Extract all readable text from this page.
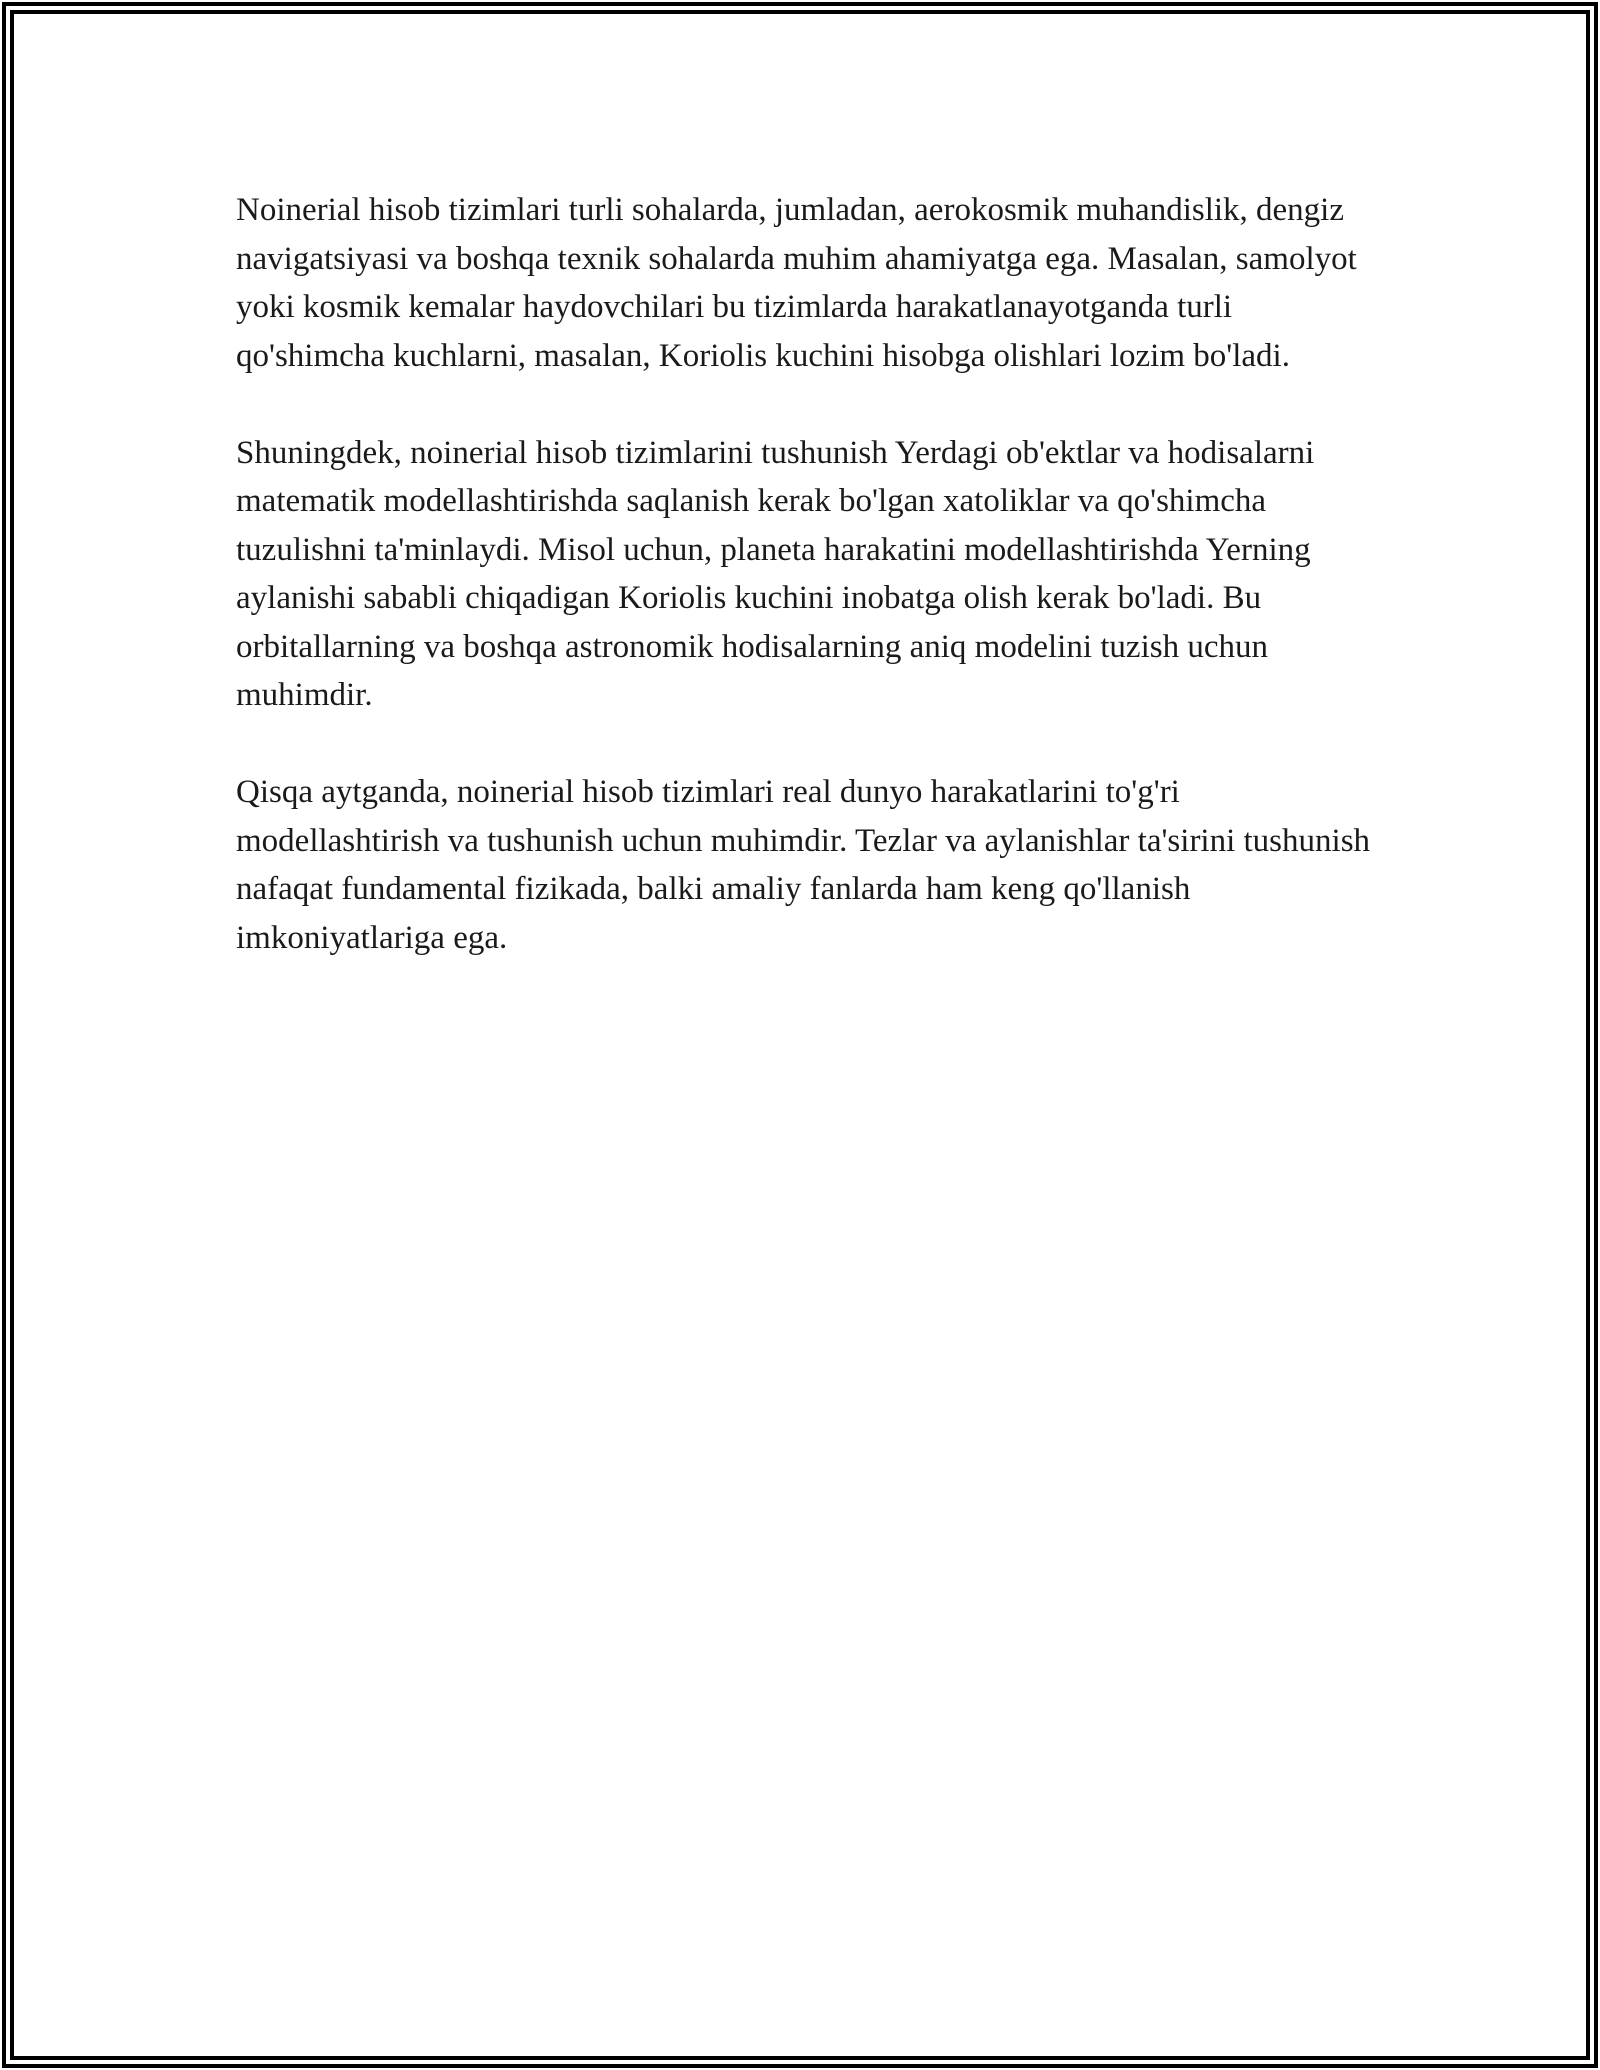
Noinerial hisob tizimlari turli sohalarda, jumladan, aerokosmik muhandislik, dengiz navigatsiyasi va boshqa texnik sohalarda muhim ahamiyatga ega. Masalan, samolyot yoki kosmik kemalar haydovchilari bu tizimlarda harakatlanayotganda turli qo'shimcha kuchlarni, masalan, Koriolis kuchini hisobga olishlari lozim bo'ladi.

Shuningdek, noinerial hisob tizimlarini tushunish Yerdagi ob'ektlar va hodisalarni matematik modellashtirishda saqlanish kerak bo'lgan xatoliklar va qo'shimcha tuzulishni ta'minlaydi. Misol uchun, planeta harakatini modellashtirishda Yerning aylanishi sababli chiqadigan Koriolis kuchini inobatga olish kerak bo'ladi. Bu orbitallarning va boshqa astronomik hodisalarning aniq modelini tuzish uchun muhimdir.

Qisqa aytganda, noinerial hisob tizimlari real dunyo harakatlarini to'g'ri modellashtirish va tushunish uchun muhimdir. Tezlar va aylanishlar ta'sirini tushunish nafaqat fundamental fizikada, balki amaliy fanlarda ham keng qo'llanish imkoniyatlariga ega.
